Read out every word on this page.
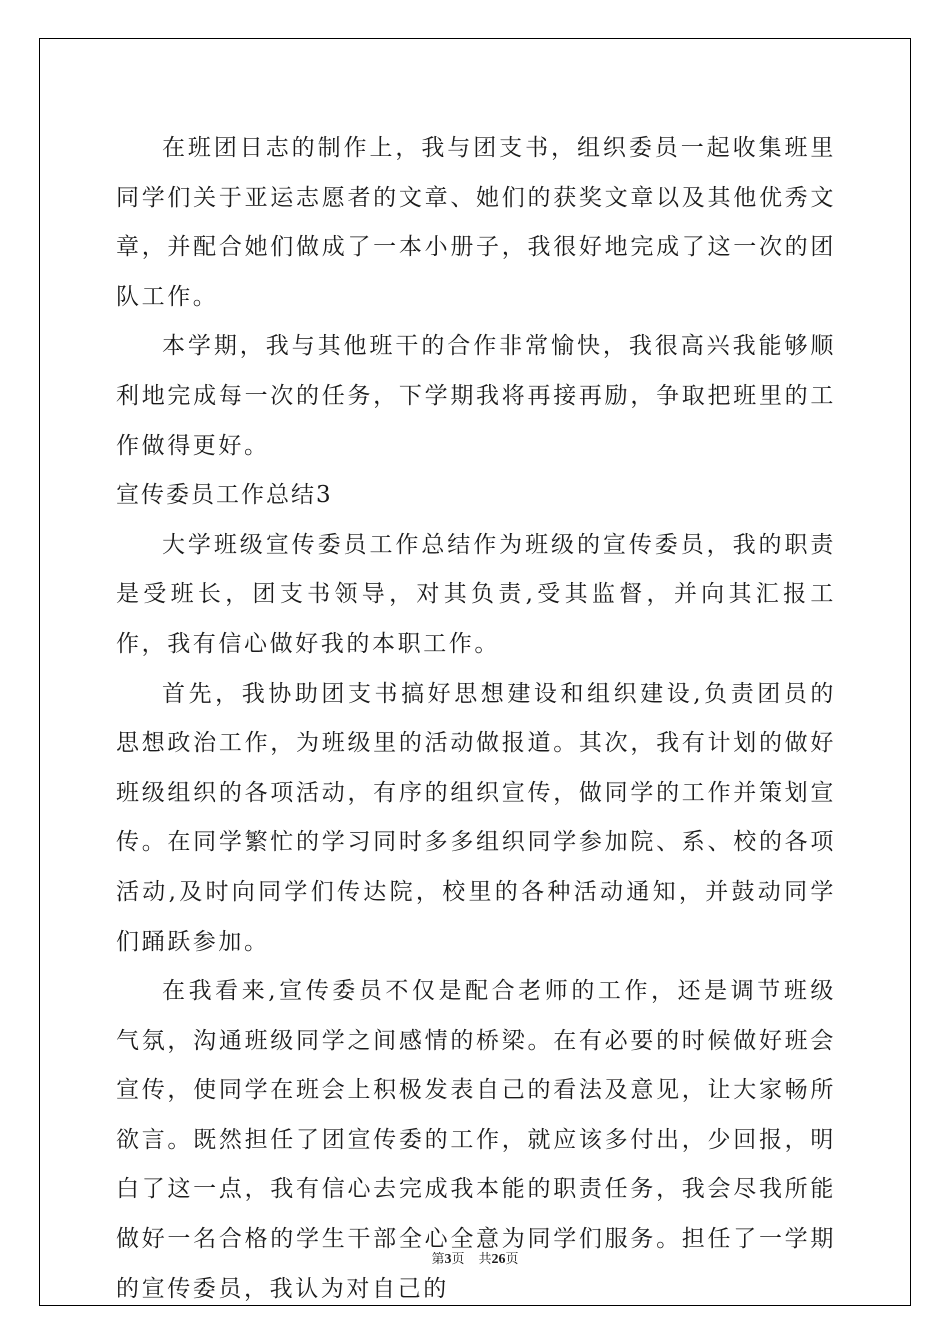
在班团日志的制作上，我与团支书，组织委员一起收集班里同学们关于亚运志愿者的文章、她们的获奖文章以及其他优秀文章，并配合她们做成了一本小册子，我很好地完成了这一次的团队工作。

本学期，我与其他班干的合作非常愉快，我很高兴我能够顺利地完成每一次的任务，下学期我将再接再励，争取把班里的工作做得更好。

宣传委员工作总结3

大学班级宣传委员工作总结作为班级的宣传委员，我的职责是受班长，团支书领导，对其负责,受其监督，并向其汇报工作，我有信心做好我的本职工作。

首先，我协助团支书搞好思想建设和组织建设,负责团员的思想政治工作，为班级里的活动做报道。其次，我有计划的做好班级组织的各项活动，有序的组织宣传，做同学的工作并策划宣传。在同学繁忙的学习同时多多组织同学参加院、系、校的各项活动,及时向同学们传达院，校里的各种活动通知，并鼓动同学们踊跃参加。

在我看来,宣传委员不仅是配合老师的工作，还是调节班级气氛，沟通班级同学之间感情的桥梁。在有必要的时候做好班会宣传，使同学在班会上积极发表自己的看法及意见，让大家畅所欲言。既然担任了团宣传委的工作，就应该多付出，少回报，明白了这一点，我有信心去完成我本能的职责任务，我会尽我所能做好一名合格的学生干部全心全意为同学们服务。担任了一学期的宣传委员，我认为对自己的

第3页 共26页
